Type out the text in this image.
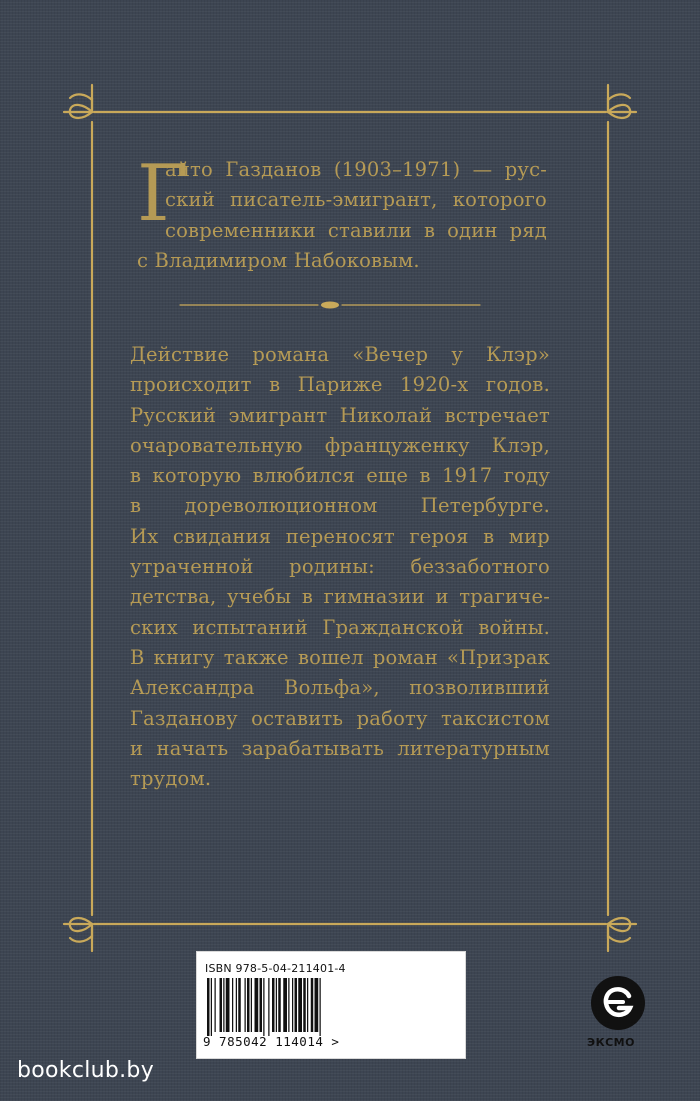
Г
айто Газданов (1903–1971) — рус-
ский писатель-эмигрант, которого
современники ставили в один ряд
с Владимиром Набоковым.
Действие романа «Вечер у Клэр»
происходит в Париже 1920-х годов.
Русский эмигрант Николай встречает
очаровательную француженку Клэр,
в которую влюбился еще в 1917 году
в дореволюционном Петербурге.
Их свидания переносят героя в мир
утраченной родины: беззаботного
детства, учебы в гимназии и трагиче-
ских испытаний Гражданской войны.
В книгу также вошел роман «Призрак
Александра Вольфа», позволивший
Газданову оставить работу таксистом
и начать зарабатывать литературным
трудом.
ISBN 978-5-04-211401-4
9 785042 114014 >	ЭКСМО
bookclub.by
